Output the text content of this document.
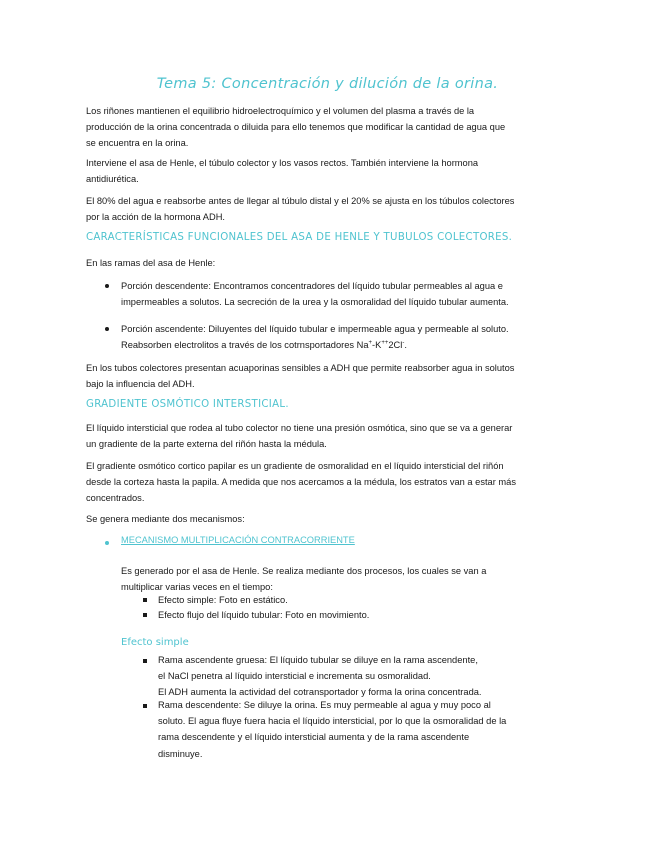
Tema 5: Concentración y dilución de la orina.

Los riñones mantienen el equilibrio hidroelectroquímico y el volumen del plasma a través de la producción de la orina concentrada o diluida para ello tenemos que modificar la cantidad de agua que se encuentra en la orina.

Interviene el asa de Henle, el túbulo colector y los vasos rectos. También interviene la hormona antidiurética.

El 80% del agua e reabsorbe antes de llegar al túbulo distal y el 20% se ajusta en los túbulos colectores por la acción de la hormona ADH.

CARACTERÍSTICAS FUNCIONALES DEL ASA DE HENLE Y TUBULOS COLECTORES.

En las ramas del asa de Henle:

Porción descendente: Encontramos concentradores del líquido tubular permeables al agua e impermeables a solutos. La secreción de la urea y la osmoralidad del líquido tubular aumenta.

Porción ascendente: Diluyentes del líquido tubular e impermeable agua y permeable al soluto. Reabsorben electrolitos a través de los cotrnsportadores Na+-K++2Cl-.

En los tubos colectores presentan acuaporinas sensibles a ADH que permite reabsorber agua in solutos bajo la influencia del ADH.

GRADIENTE OSMÓTICO INTERSTICIAL.

El líquido intersticial que rodea al tubo colector no tiene una presión osmótica, sino que se va a generar un gradiente de la parte externa del riñón hasta la médula.

El gradiente osmótico cortico papilar es un gradiente de osmoralidad en el líquido intersticial del riñón desde la corteza hasta la papila. A medida que nos acercamos a la médula, los estratos van a estar más concentrados.

Se genera mediante dos mecanismos:

MECANISMO MULTIPLICACIÓN CONTRACORRIENTE

Es generado por el asa de Henle. Se realiza mediante dos procesos, los cuales se van a multiplicar varias veces en el tiempo:

Efecto simple: Foto en estático.

Efecto flujo del líquido tubular: Foto en movimiento.

Efecto simple

Rama ascendente gruesa: El líquido tubular se diluye en la rama ascendente,

el NaCl penetra al líquido intersticial e incrementa su osmoralidad.

El ADH aumenta la actividad del cotransportador y forma la orina concentrada.

Rama descendente: Se diluye la orina. Es muy permeable al agua y muy poco al soluto. El agua fluye fuera hacia el líquido intersticial, por lo que la osmoralidad de la rama descendente y el líquido intersticial aumenta y de la rama ascendente disminuye.
